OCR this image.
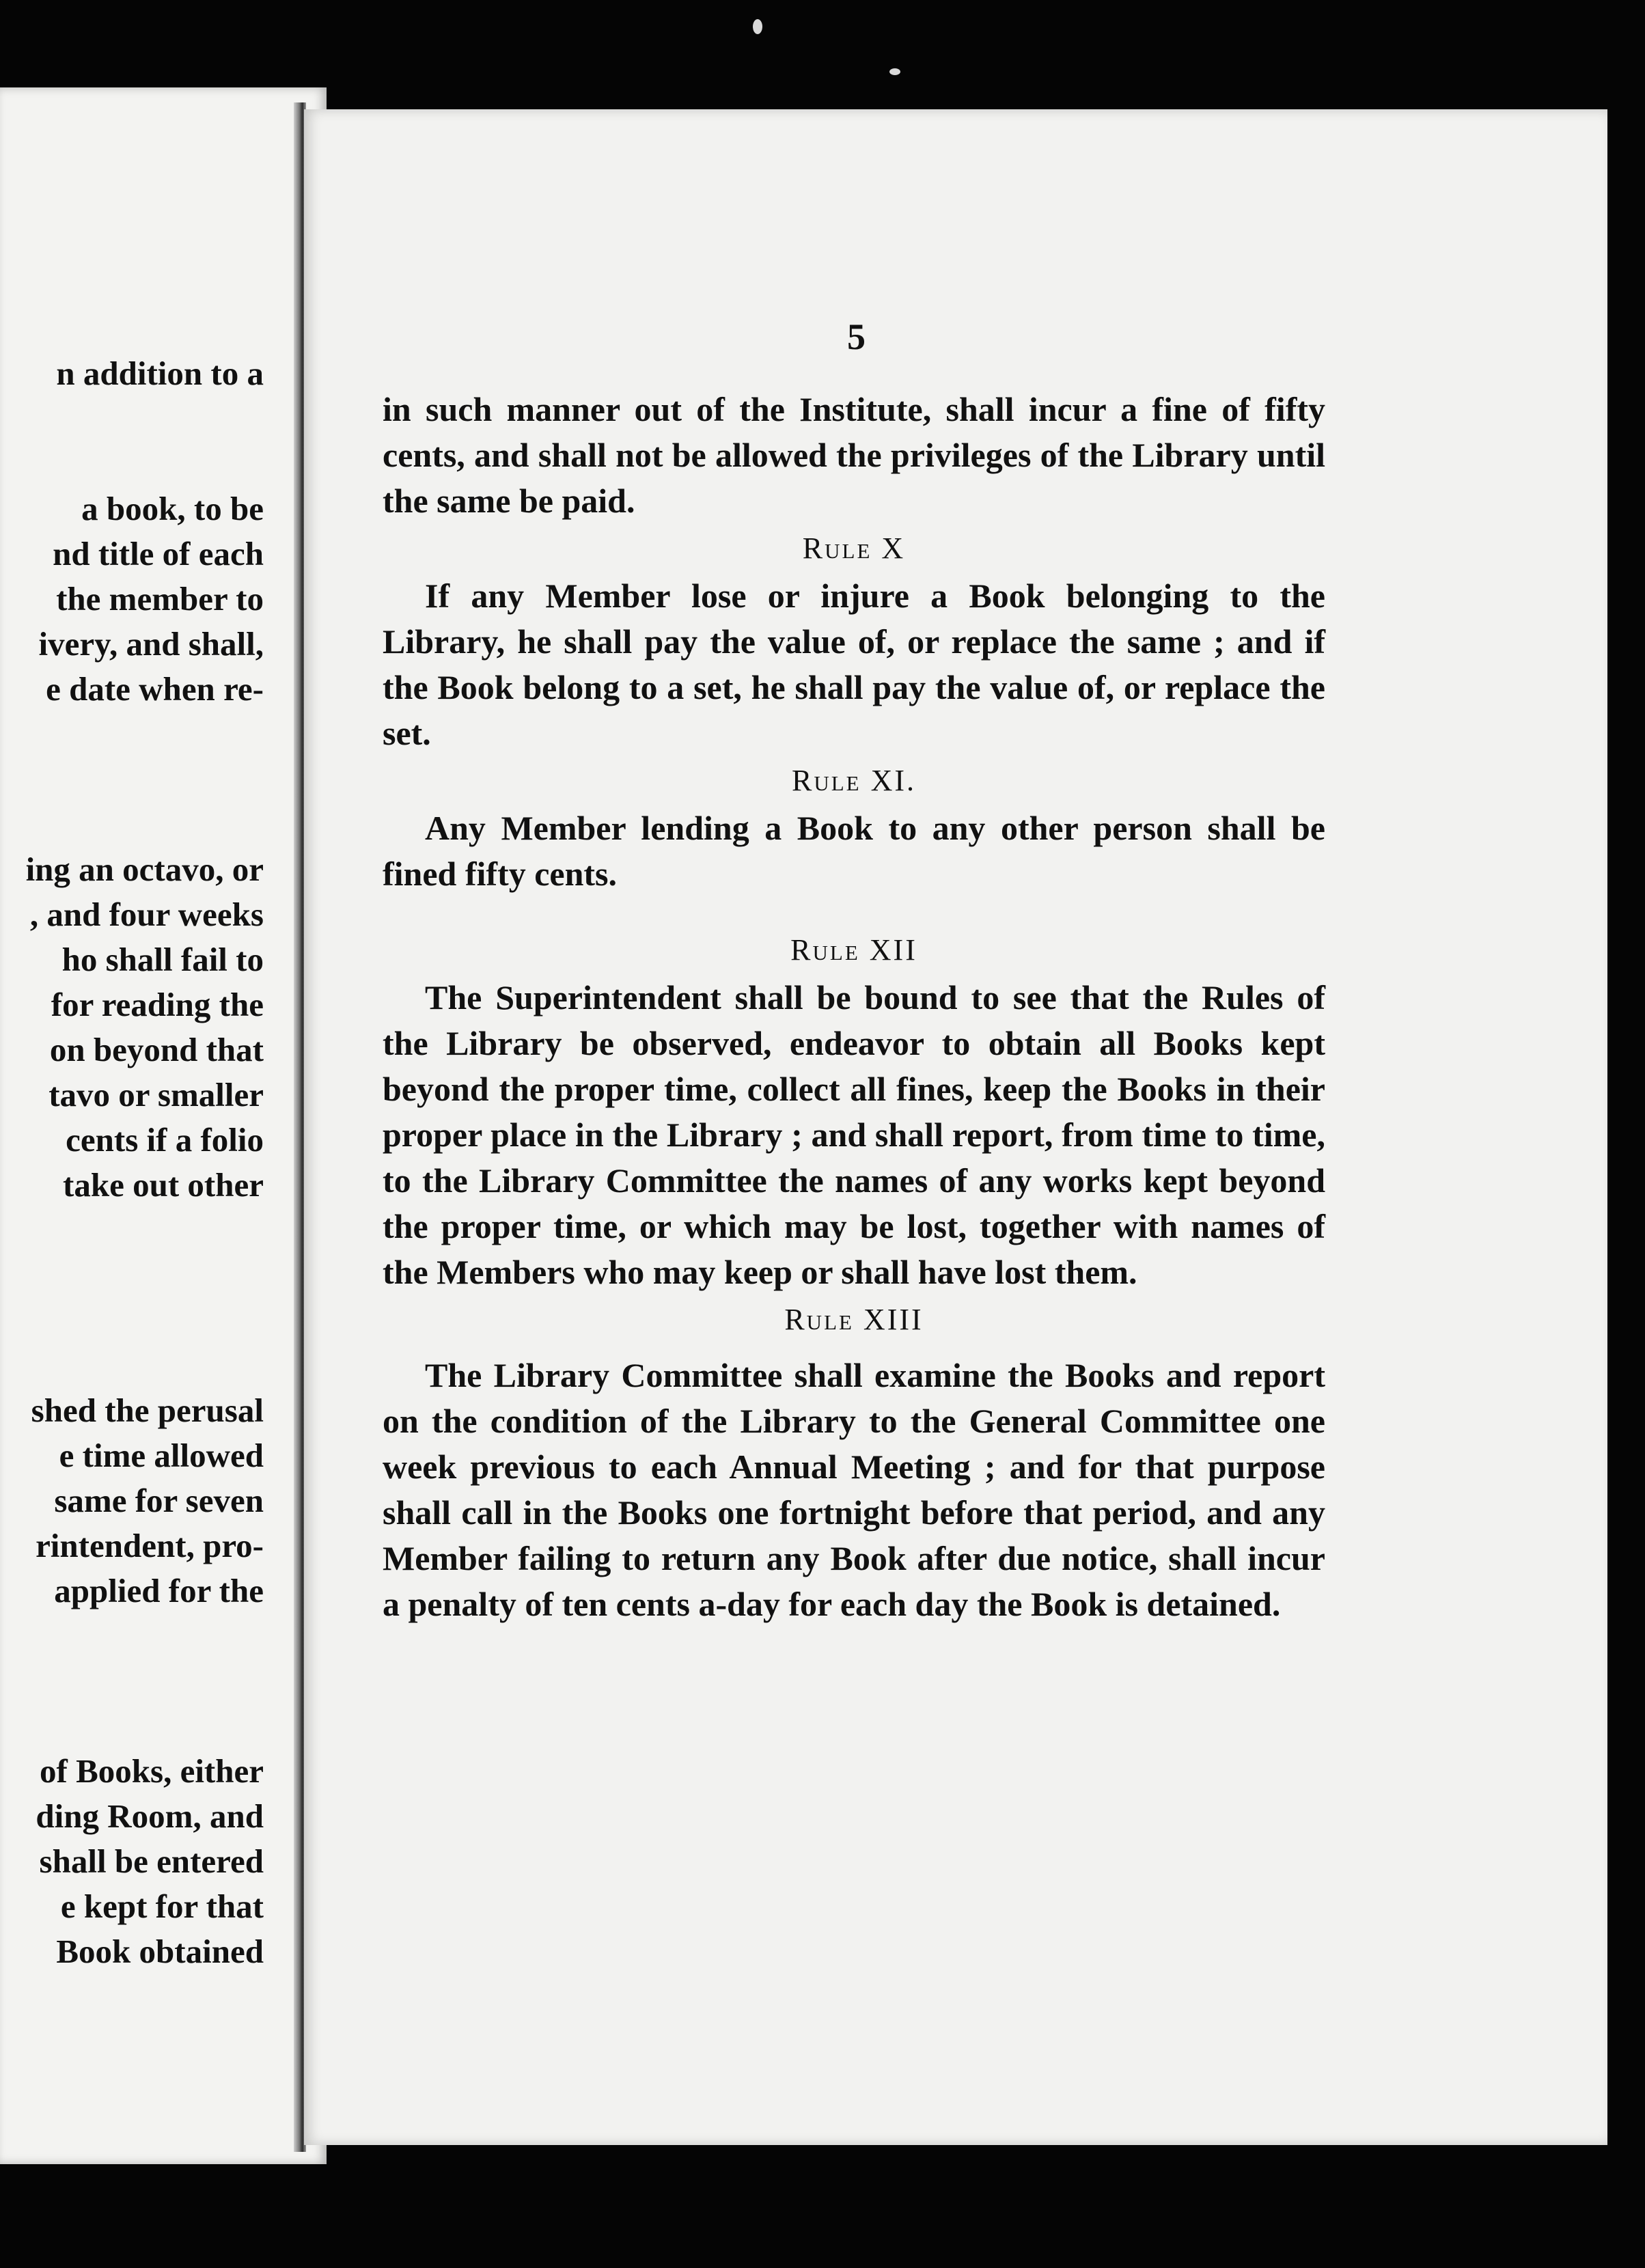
n addition to a
a book, to be
nd title of each
the member to
ivery, and shall,
e date when re-
ing an octavo, or
, and four weeks
ho shall fail to
for reading the
on beyond that
tavo or smaller
cents if a folio
take out other
shed the perusal
e time allowed
same for seven
rintendent, pro-
applied for the
of Books, either
ding Room, and
shall be entered
e kept for that
Book obtained
5

in such manner out of the Institute, shall incur a fine of fifty cents, and shall not be allowed the privileges of the Library until the same be paid.

Rule X

If any Member lose or injure a Book belonging to the Library, he shall pay the value of, or replace the same ; and if the Book belong to a set, he shall pay the value of, or replace the set.

Rule XI.

Any Member lending a Book to any other person shall be fined fifty cents.

Rule XII

The Superintendent shall be bound to see that the Rules of the Library be observed, endeavor to obtain all Books kept beyond the proper time, collect all fines, keep the Books in their proper place in the Library ; and shall report, from time to time, to the Library Committee the names of any works kept beyond the proper time, or which may be lost, together with names of the Members who may keep or shall have lost them.

Rule XIII

The Library Committee shall examine the Books and report on the condition of the Library to the General Committee one week previous to each Annual Meeting ; and for that purpose shall call in the Books one fortnight before that period, and any Member failing to return any Book after due notice, shall incur a penalty of ten cents a-day for each day the Book is detained.
